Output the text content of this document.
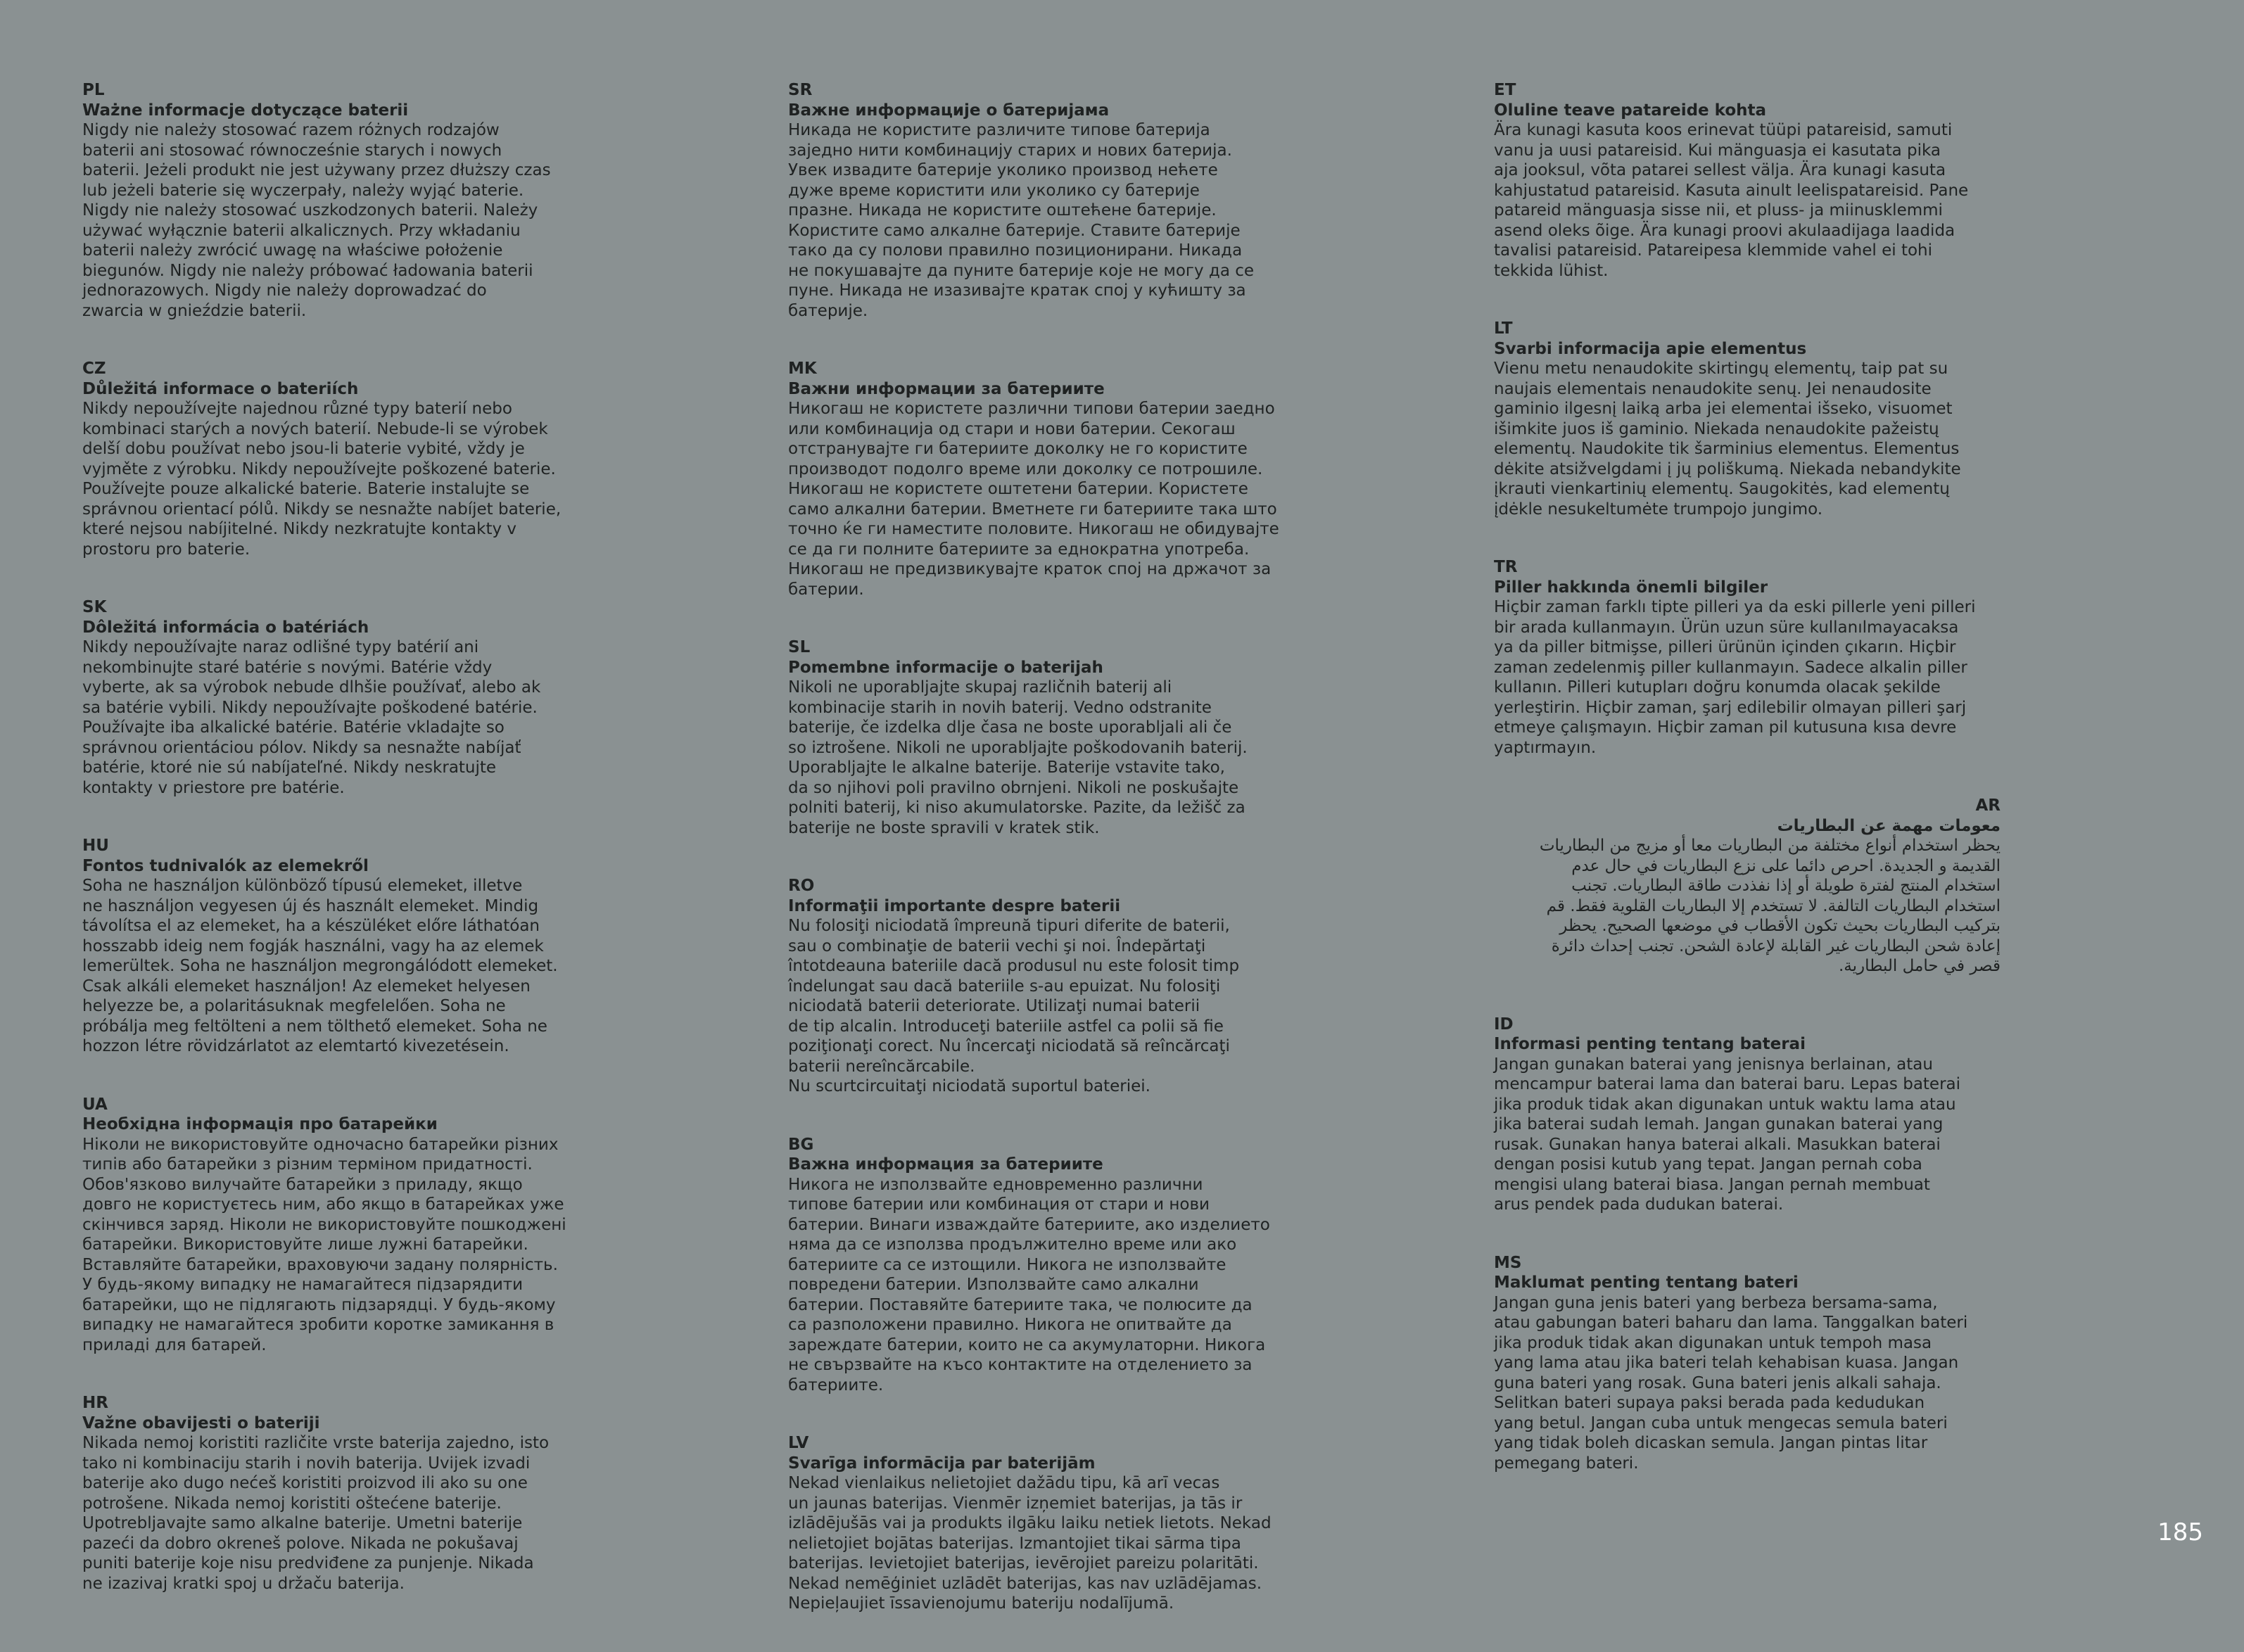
PL
Ważne informacje dotyczące baterii
Nigdy nie należy stosować razem różnych rodzajów
baterii ani stosować równocześnie starych i nowych
baterii. Jeżeli produkt nie jest używany przez dłuższy czas
lub jeżeli baterie się wyczerpały, należy wyjąć baterie.
Nigdy nie należy stosować uszkodzonych baterii. Należy
używać wyłącznie baterii alkalicznych. Przy wkładaniu
baterii należy zwrócić uwagę na właściwe położenie
biegunów. Nigdy nie należy próbować ładowania baterii
jednorazowych. Nigdy nie należy doprowadzać do
zwarcia w gnieździe baterii.
CZ
Důležitá informace o bateriích
Nikdy nepoužívejte najednou různé typy baterií nebo
kombinaci starých a nových baterií. Nebude-li se výrobek
delší dobu používat nebo jsou-li baterie vybité, vždy je
vyjměte z výrobku. Nikdy nepoužívejte poškozené baterie.
Používejte pouze alkalické baterie. Baterie instalujte se
správnou orientací pólů. Nikdy se nesnažte nabíjet baterie,
které nejsou nabíjitelné. Nikdy nezkratujte kontakty v
prostoru pro baterie.
SK
Dôležitá informácia o batériách
Nikdy nepoužívajte naraz odlišné typy batérií ani
nekombinujte staré batérie s novými. Batérie vždy
vyberte, ak sa výrobok nebude dlhšie používať, alebo ak
sa batérie vybili. Nikdy nepoužívajte poškodené batérie.
Používajte iba alkalické batérie. Batérie vkladajte so
správnou orientáciou pólov. Nikdy sa nesnažte nabíjať
batérie, ktoré nie sú nabíjateľné. Nikdy neskratujte
kontakty v priestore pre batérie.
HU
Fontos tudnivalók az elemekről
Soha ne használjon különböző típusú elemeket, illetve
ne használjon vegyesen új és használt elemeket. Mindig
távolítsa el az elemeket, ha a készüléket előre láthatóan
hosszabb ideig nem fogják használni, vagy ha az elemek
lemerültek. Soha ne használjon megrongálódott elemeket.
Csak alkáli elemeket használjon! Az elemeket helyesen
helyezze be, a polaritásuknak megfelelően. Soha ne
próbálja meg feltölteni a nem tölthető elemeket. Soha ne
hozzon létre rövidzárlatot az elemtartó kivezetésein.
UA
Необхідна інформація про батарейки
Ніколи не використовуйте одночасно батарейки різних
типів або батарейки з різним терміном придатності.
Обов'язково вилучайте батарейки з приладу, якщо
довго не користуєтесь ним, або якщо в батарейках уже
скінчився заряд. Ніколи не використовуйте пошкоджені
батарейки. Використовуйте лише лужні батарейки.
Вставляйте батарейки, враховуючи задану полярність.
У будь-якому випадку не намагайтеся підзарядити
батарейки, що не підлягають підзарядці. У будь-якому
випадку не намагайтеся зробити коротке замикання в
приладі для батарей.
HR
Važne obavijesti o bateriji
Nikada nemoj koristiti različite vrste baterija zajedno, isto
tako ni kombinaciju starih i novih baterija. Uvijek izvadi
baterije ako dugo nećeš koristiti proizvod ili ako su one
potrošene. Nikada nemoj koristiti oštećene baterije.
Upotrebljavajte samo alkalne baterije. Umetni baterije
pazeći da dobro okreneš polove. Nikada ne pokušavaj
puniti baterije koje nisu predviđene za punjenje. Nikada
ne izazivaj kratki spoj u držaču baterija.
SR
Важне информације о батеријама
Никада не користите различите типове батерија
заједно нити комбинацију старих и нових батерија.
Увек извадите батерије уколико производ нећете
дуже време користити или уколико су батерије
празне. Никада не користите оштећене батерије.
Користите само алкалне батерије. Ставите батерије
тако да су полови правилно позиционирани. Никада
не покушавајте да пуните батерије које не могу да се
пуне. Никада не изазивајте кратак спој у кућишту за
батерије.
MK
Важни информации за батериите
Никогаш не користете различни типови батерии заедно
или комбинација од стари и нови батерии. Секогаш
отстранувајте ги батериите доколку не го користите
производот подолго време или доколку се потрошиле.
Никогаш не користете оштетени батерии. Користете
само алкални батерии. Вметнете ги батериите така што
точно ќе ги наместите половите. Никогаш не обидувајте
се да ги полните батериите за еднократна употреба.
Никогаш не предизвикувајте краток спој на држачот за
батерии.
SL
Pomembne informacije o baterijah
Nikoli ne uporabljajte skupaj različnih baterij ali
kombinacije starih in novih baterij. Vedno odstranite
baterije, če izdelka dlje časa ne boste uporabljali ali če
so iztrošene. Nikoli ne uporabljajte poškodovanih baterij.
Uporabljajte le alkalne baterije. Baterije vstavite tako,
da so njihovi poli pravilno obrnjeni. Nikoli ne poskušajte
polniti baterij, ki niso akumulatorske. Pazite, da ležišč za
baterije ne boste spravili v kratek stik.
RO
Informaţii importante despre baterii
Nu folosiţi niciodată împreună tipuri diferite de baterii,
sau o combinaţie de baterii vechi şi noi. Îndepărtaţi
întotdeauna bateriile dacă produsul nu este folosit timp
îndelungat sau dacă bateriile s-au epuizat. Nu folosiţi
niciodată baterii deteriorate. Utilizaţi numai baterii
de tip alcalin. Introduceţi bateriile astfel ca polii să fie
poziţionaţi corect. Nu încercaţi niciodată să reîncărcaţi
baterii nereîncărcabile.
Nu scurtcircuitaţi niciodată suportul bateriei.
BG
Важна информация за батериите
Никога не използвайте едновременно различни
типове батерии или комбинация от стари и нови
батерии. Винаги изваждайте батериите, ако изделието
няма да се използва продължително време или ако
батериите са се изтощили. Никога не използвайте
повредени батерии. Използвайте само алкални
батерии. Поставяйте батериите така, че полюсите да
са разположени правилно. Никога не опитвайте да
зареждате батерии, които не са акумулаторни. Никога
не свързвайте на късо контактите на отделението за
батериите.
LV
Svarīga informācija par baterijām
Nekad vienlaikus nelietojiet dažādu tipu, kā arī vecas
un jaunas baterijas. Vienmēr izņemiet baterijas, ja tās ir
izlādējušās vai ja produkts ilgāku laiku netiek lietots. Nekad
nelietojiet bojātas baterijas. Izmantojiet tikai sārma tipa
baterijas. Ievietojiet baterijas, ievērojiet pareizu polaritāti.
Nekad nemēģiniet uzlādēt baterijas, kas nav uzlādējamas.
Nepieļaujiet īssavienojumu bateriju nodalījumā.
ET
Oluline teave patareide kohta
Ära kunagi kasuta koos erinevat tüüpi patareisid, samuti
vanu ja uusi patareisid. Kui mänguasja ei kasutata pika
aja jooksul, võta patarei sellest välja. Ära kunagi kasuta
kahjustatud patareisid. Kasuta ainult leelispatareisid. Pane
patareid mänguasja sisse nii, et pluss- ja miinusklemmi
asend oleks õige. Ära kunagi proovi akulaadijaga laadida
tavalisi patareisid. Patareipesa klemmide vahel ei tohi
tekkida lühist.
LT
Svarbi informacija apie elementus
Vienu metu nenaudokite skirtingų elementų, taip pat su
naujais elementais nenaudokite senų. Jei nenaudosite
gaminio ilgesnį laiką arba jei elementai išseko, visuomet
išimkite juos iš gaminio. Niekada nenaudokite pažeistų
elementų. Naudokite tik šarminius elementus. Elementus
dėkite atsižvelgdami į jų poliškumą. Niekada nebandykite
įkrauti vienkartinių elementų. Saugokitės, kad elementų
įdėkle nesukeltumėte trumpojo jungimo.
TR
Piller hakkında önemli bilgiler
Hiçbir zaman farklı tipte pilleri ya da eski pillerle yeni pilleri
bir arada kullanmayın. Ürün uzun süre kullanılmayacaksa
ya da piller bitmişse, pilleri ürünün içinden çıkarın. Hiçbir
zaman zedelenmiş piller kullanmayın. Sadece alkalin piller
kullanın. Pilleri kutupları doğru konumda olacak şekilde
yerleştirin. Hiçbir zaman, şarj edilebilir olmayan pilleri şarj
etmeye çalışmayın. Hiçbir zaman pil kutusuna kısa devre
yaptırmayın.
AR
معومات مهمة عن البطاريات
يحظر استخدام أنواع مختلفة من البطاريات معا أو مزيج من البطاريات
القديمة و الجديدة. احرص دائما على نزع البطاريات في حال عدم
استخدام المنتج لفترة طويلة أو إذا نفذدت طاقة البطاريات. تجنب
استخدام البطاريات التالفة. لا تستخدم إلا البطاريات القلوية فقط. قم
بتركيب البطاريات بحيث تكون الأقطاب في موضعها الصحيح. يحظر
إعادة شحن البطاريات غير القابلة لإعادة الشحن. تجنب إحداث دائرة
قصر في حامل البطارية.
ID
Informasi penting tentang baterai
Jangan gunakan baterai yang jenisnya berlainan, atau
mencampur baterai lama dan baterai baru. Lepas baterai
jika produk tidak akan digunakan untuk waktu lama atau
jika baterai sudah lemah. Jangan gunakan baterai yang
rusak. Gunakan hanya baterai alkali. Masukkan baterai
dengan posisi kutub yang tepat. Jangan pernah coba
mengisi ulang baterai biasa. Jangan pernah membuat
arus pendek pada dudukan baterai.
MS
Maklumat penting tentang bateri
Jangan guna jenis bateri yang berbeza bersama-sama,
atau gabungan bateri baharu dan lama. Tanggalkan bateri
jika produk tidak akan digunakan untuk tempoh masa
yang lama atau jika bateri telah kehabisan kuasa. Jangan
guna bateri yang rosak. Guna bateri jenis alkali sahaja.
Selitkan bateri supaya paksi berada pada kedudukan
yang betul. Jangan cuba untuk mengecas semula bateri
yang tidak boleh dicaskan semula. Jangan pintas litar
pemegang bateri.
185
